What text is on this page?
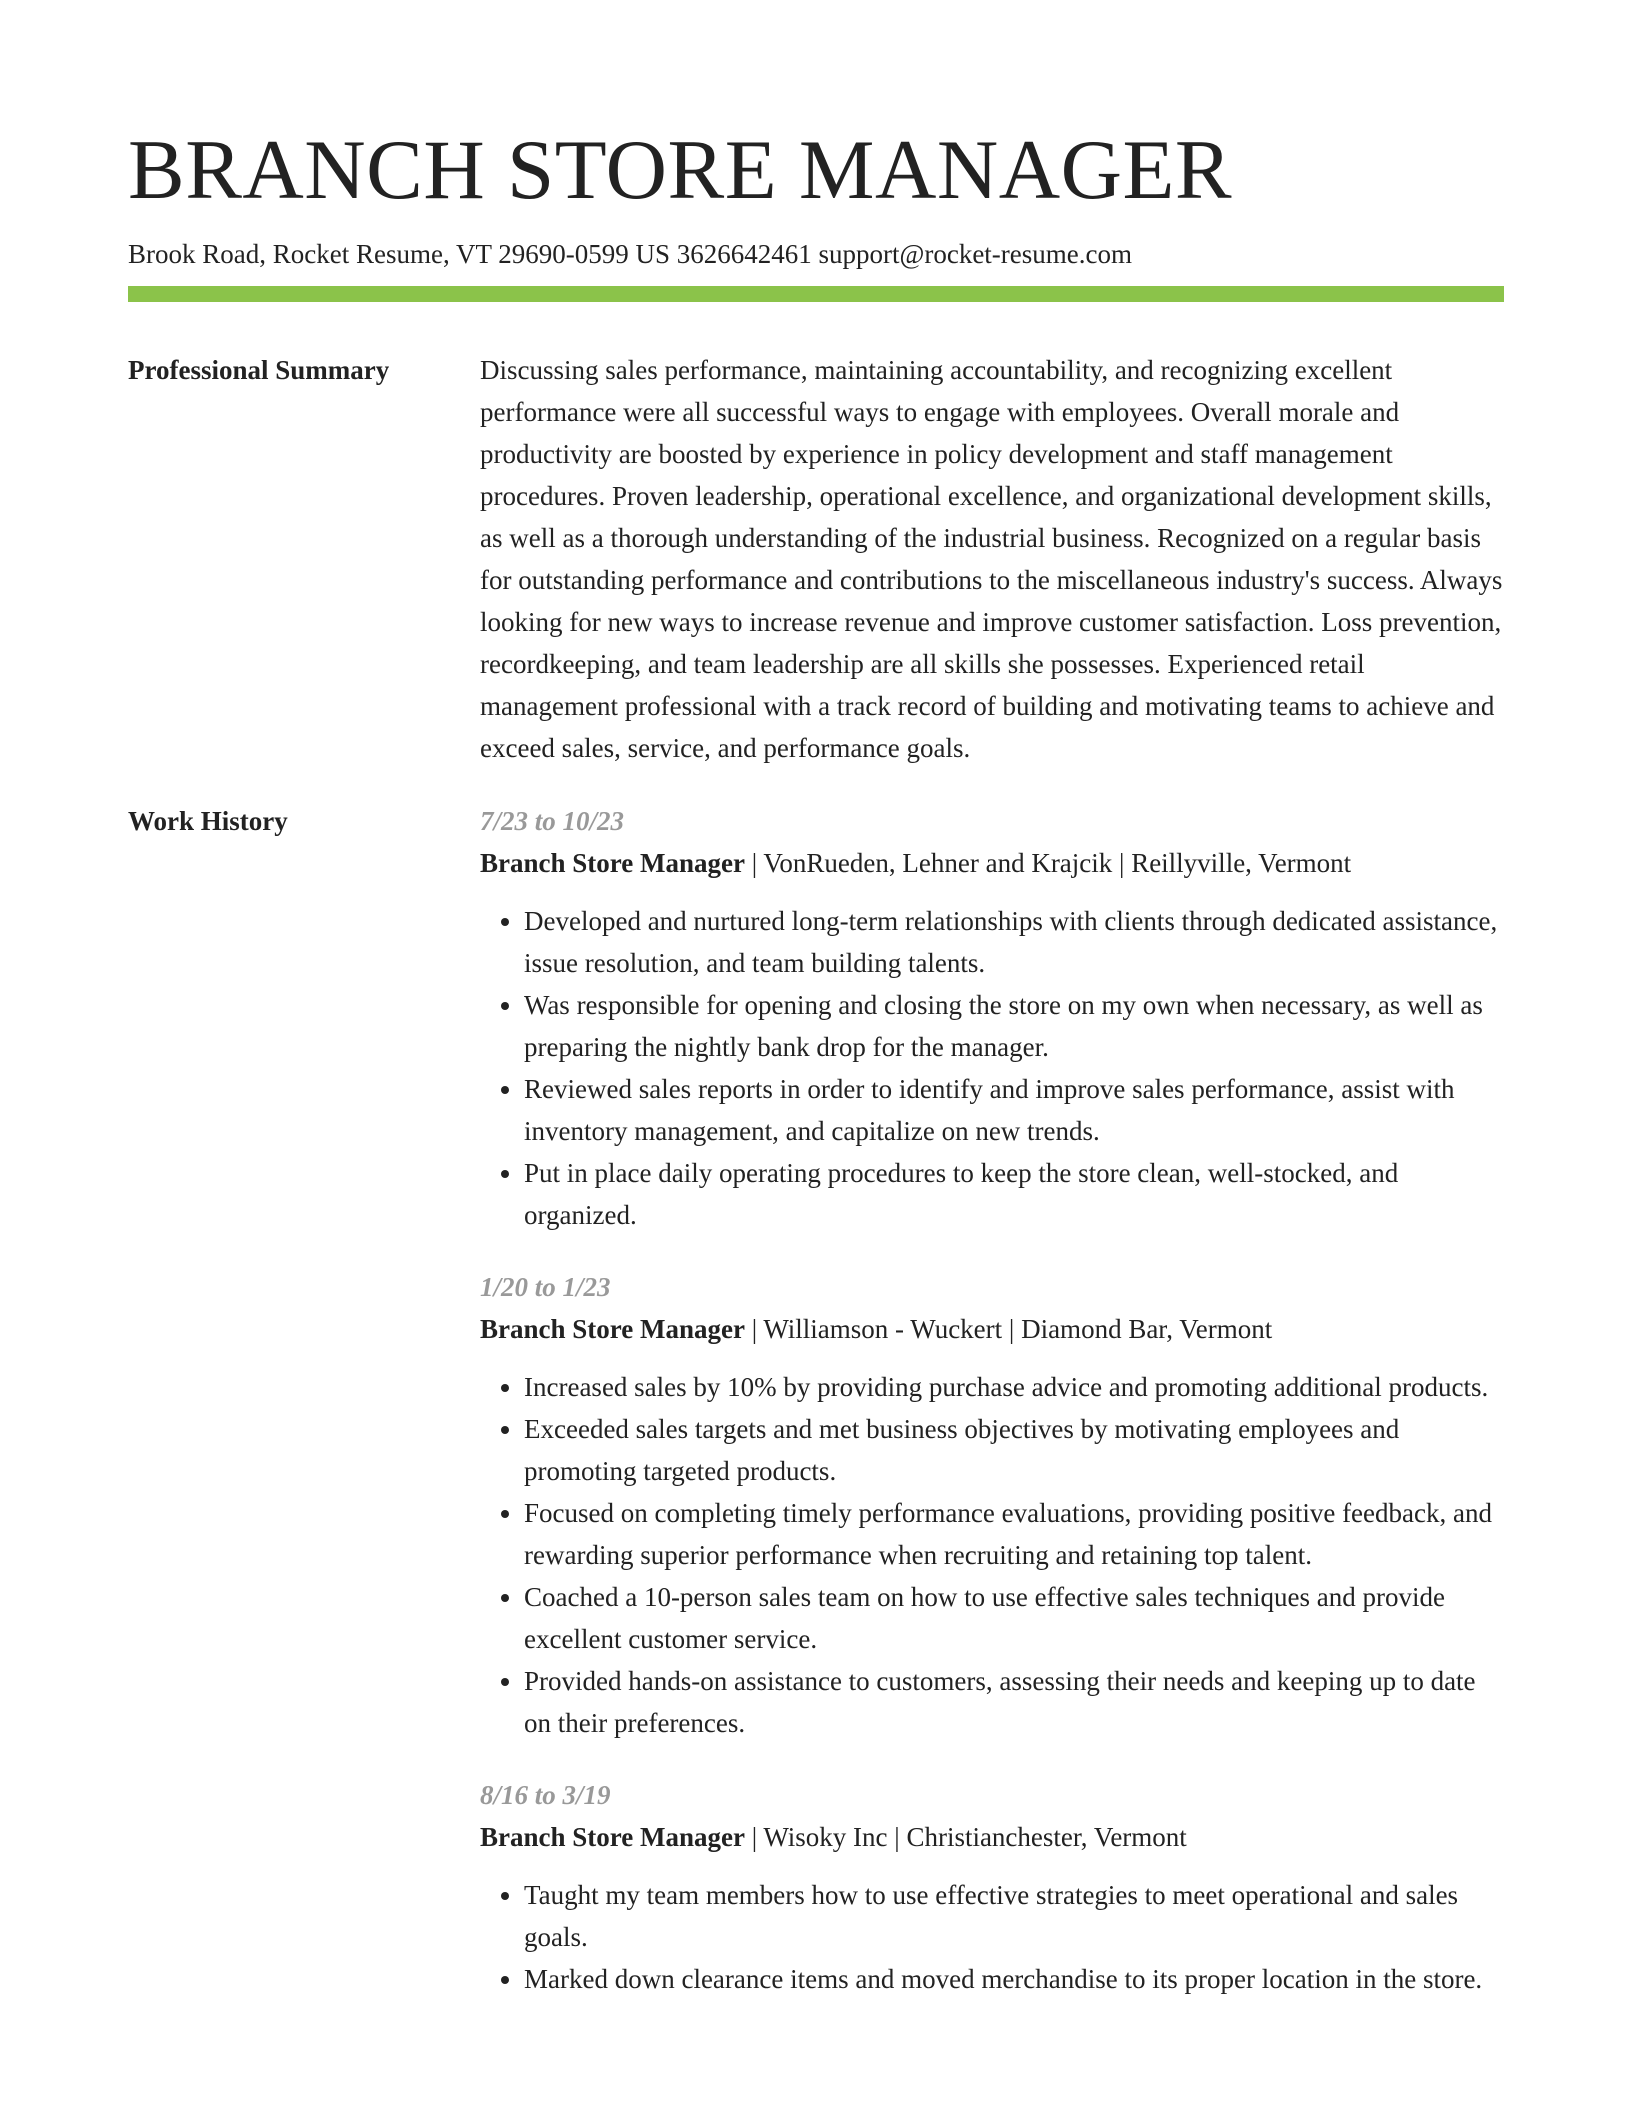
BRANCH STORE MANAGER
Brook Road, Rocket Resume, VT 29690-0599 US 3626642461 support@rocket-resume.com
Professional Summary	Discussing sales performance, maintaining accountability, and recognizing excellent performance were all successful ways to engage with employees. Overall morale and productivity are boosted by experience in policy development and staff management procedures. Proven leadership, operational excellence, and organizational development skills, as well as a thorough understanding of the industrial business. Recognized on a regular basis for outstanding performance and contributions to the miscellaneous industry's success. Always looking for new ways to increase revenue and improve customer satisfaction. Loss prevention, recordkeeping, and team leadership are all skills she possesses. Experienced retail management professional with a track record of building and motivating teams to achieve and exceed sales, service, and performance goals.
Work History	7/23 to 10/23
Branch Store Manager | VonRueden, Lehner and Krajcik | Reillyville, Vermont
• Developed and nurtured long-term relationships with clients through dedicated assistance, issue resolution, and team building talents.
• Was responsible for opening and closing the store on my own when necessary, as well as preparing the nightly bank drop for the manager.
• Reviewed sales reports in order to identify and improve sales performance, assist with inventory management, and capitalize on new trends.
• Put in place daily operating procedures to keep the store clean, well-stocked, and organized.
1/20 to 1/23
Branch Store Manager | Williamson - Wuckert | Diamond Bar, Vermont
• Increased sales by 10% by providing purchase advice and promoting additional products.
• Exceeded sales targets and met business objectives by motivating employees and promoting targeted products.
• Focused on completing timely performance evaluations, providing positive feedback, and rewarding superior performance when recruiting and retaining top talent.
• Coached a 10-person sales team on how to use effective sales techniques and provide excellent customer service.
• Provided hands-on assistance to customers, assessing their needs and keeping up to date on their preferences.
8/16 to 3/19
Branch Store Manager | Wisoky Inc | Christianchester, Vermont
• Taught my team members how to use effective strategies to meet operational and sales goals.
• Marked down clearance items and moved merchandise to its proper location in the store.
